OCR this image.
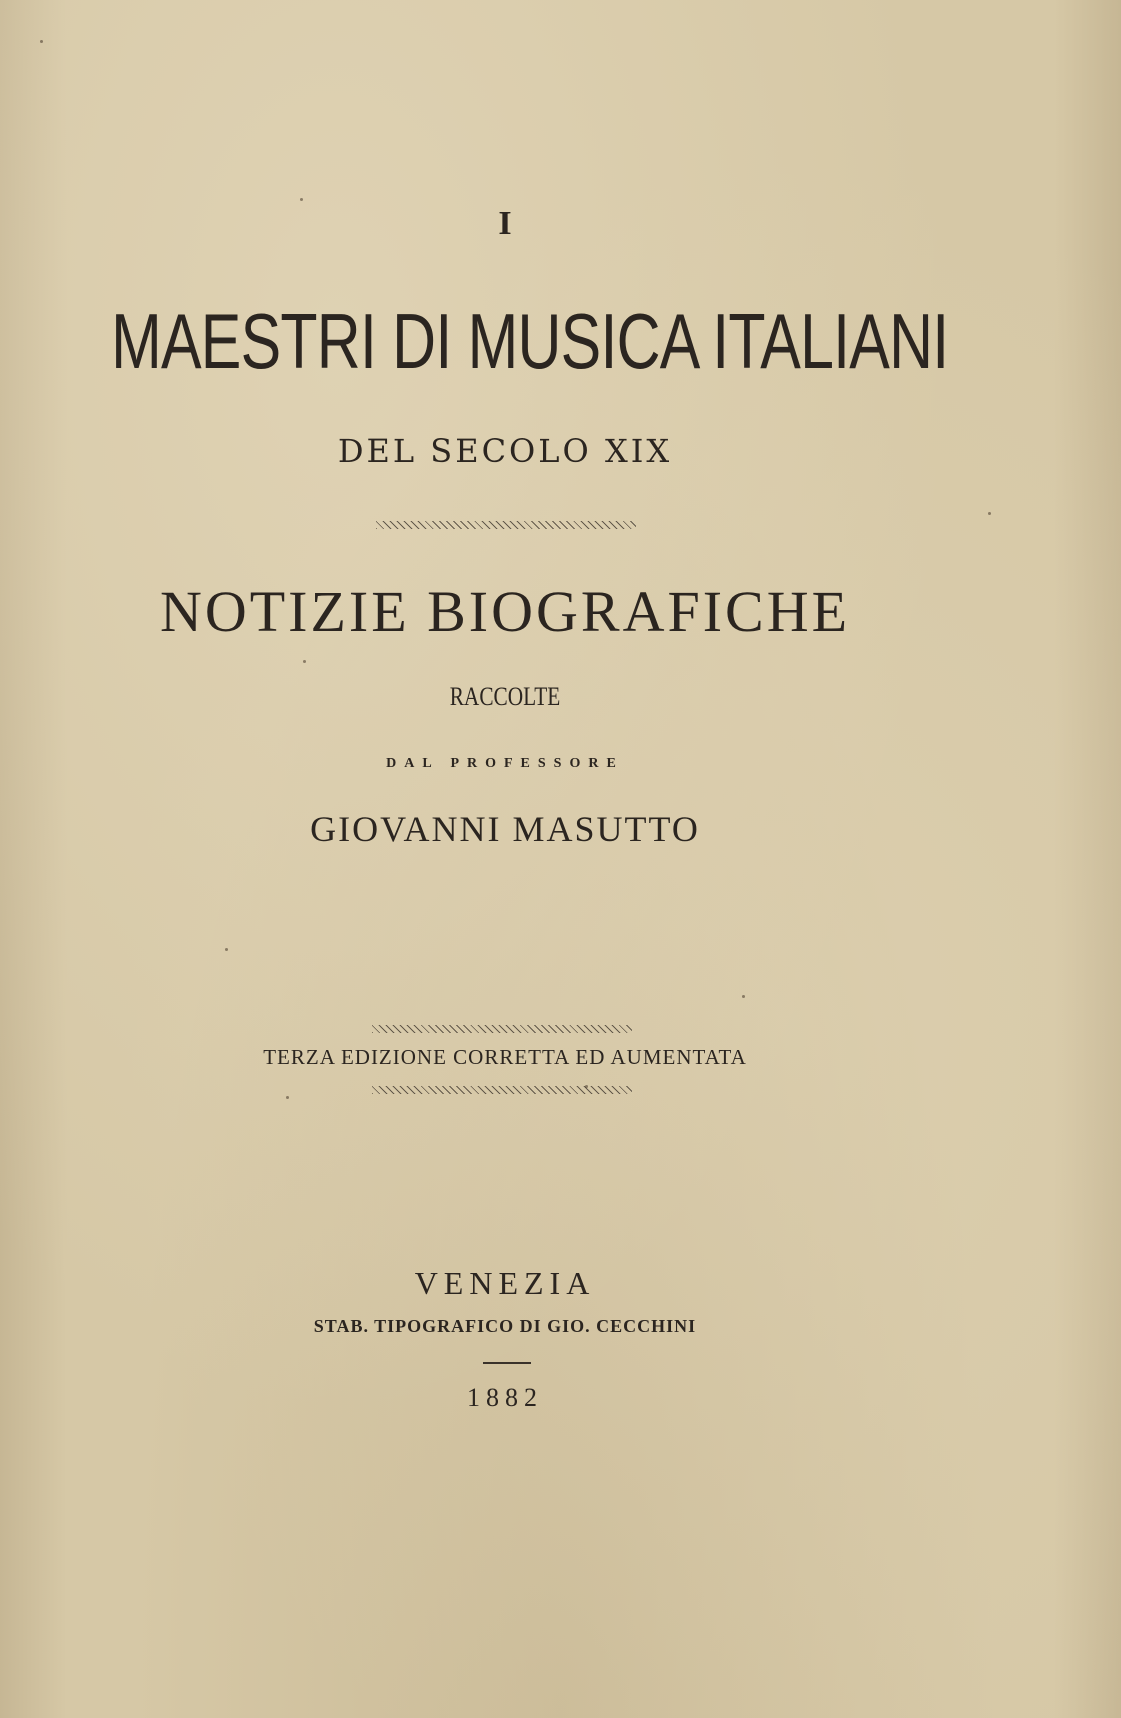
I
MAESTRI DI MUSICA ITALIANI
DEL SECOLO XIX
NOTIZIE BIOGRAFICHE
RACCOLTE
DAL PROFESSORE
GIOVANNI MASUTTO
TERZA EDIZIONE CORRETTA ED AUMENTATA
VENEZIA
STAB. TIPOGRAFICO DI GIO. CECCHINI
1882
